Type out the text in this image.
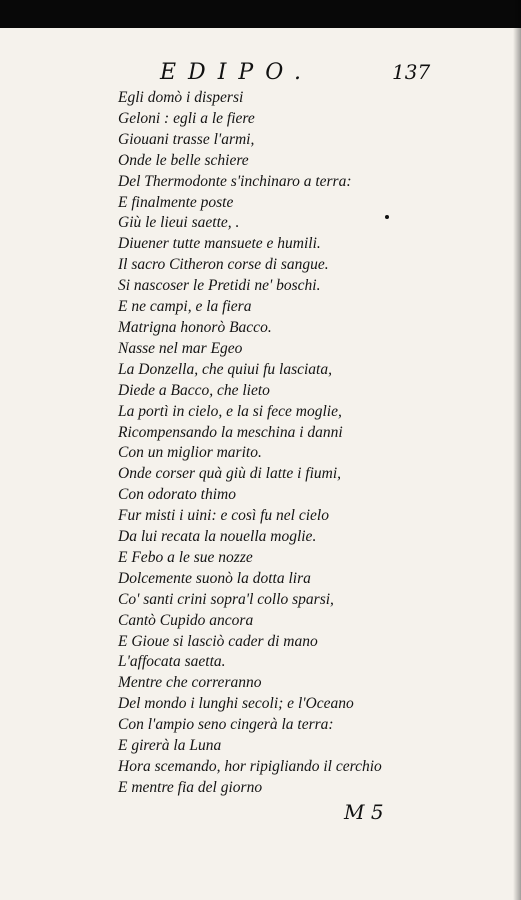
EDIPO.	137
Egli domò i dispersi
Geloni : egli a le fiere
Giouani trasse l'armi,
Onde le belle schiere
Del Thermodonte s'inchinaro a terra:
E finalmente poste
Giù le lieui saette, .
Diuener tutte mansuete e humili.
Il sacro Citheron corse di sangue.
Si nascoser le Pretidi ne' boschi.
E ne campi, e la fiera
Matrigna honorò Bacco.
Nasse nel mar Egeo
La Donzella, che quiui fu lasciata,
Diede a Bacco, che lieto
La portì in cielo, e la si fece moglie,
Ricompensando la meschina i danni
Con un miglior marito.
Onde corser quà giù di latte i fiumi,
Con odorato thimo
Fur misti i uini: e così fu nel cielo
Da lui recata la nouella moglie.
E Febo a le sue nozze
Dolcemente suonò la dotta lira
Co' santi crini sopra'l collo sparsi,
Cantò Cupido ancora
E Gioue si lasciò cader di mano
L'affocata saetta.
Mentre che correranno
Del mondo i lunghi secoli; e l'Oceano
Con l'ampio seno cingerà la terra:
E girerà la Luna
Hora scemando, hor ripigliando il cerchio
E mentre fia del giorno
M 5
